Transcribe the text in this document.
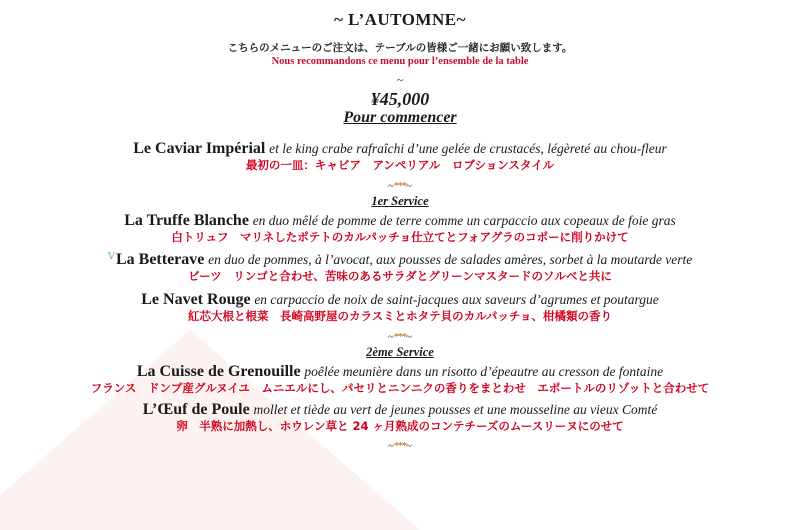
~ L’AUTOMNE~
こちらのメニューのご注文は、テーブルの皆様ご一緒にお願い致します。
Nous recommandons ce menu pour l’ensemble de la table
~
¥45,000
Pour commencer
Le Caviar Impérial et le king crabe rafraîchi d’une gelée de crustacés, légèreté au chou-fleur
最初の一皿：キャビア　アンペリアル　ロブションスタイル
~***~
1er Service
La Truffe Blanche en duo mêlé de pomme de terre comme un carpaccio aux copeaux de foie gras
白トリュフ　マリネしたポテトのカルパッチョ仕立てとフォアグラのコポーに削りかけて
ⱽLa Betterave en duo de pommes, à l’avocat, aux pousses de salades amères, sorbet à la moutarde verte
ビーツ　リンゴと合わせ、苦味のあるサラダとグリーンマスタードのソルベと共に
Le Navet Rouge en carpaccio de noix de saint-jacques aux saveurs d’agrumes et poutargue
紅芯大根と根菜　長崎高野屋のカラスミとホタテ貝のカルパッチョ、柑橘類の香り
~***~
2ème Service
La Cuisse de Grenouille poêlée meunière dans un risotto d’épeautre au cresson de fontaine
フランス　ドンブ産グルヌイユ　ムニエルにし、パセリとニンニクの香りをまとわせ　エポートルのリゾットと合わせて
L’Œuf de Poule mollet et tiède au vert de jeunes pousses et une mousseline au vieux Comté
卵　半熟に加熱し、ホウレン草と 24 ヶ月熟成のコンテチーズのムースリーヌにのせて
~***~
